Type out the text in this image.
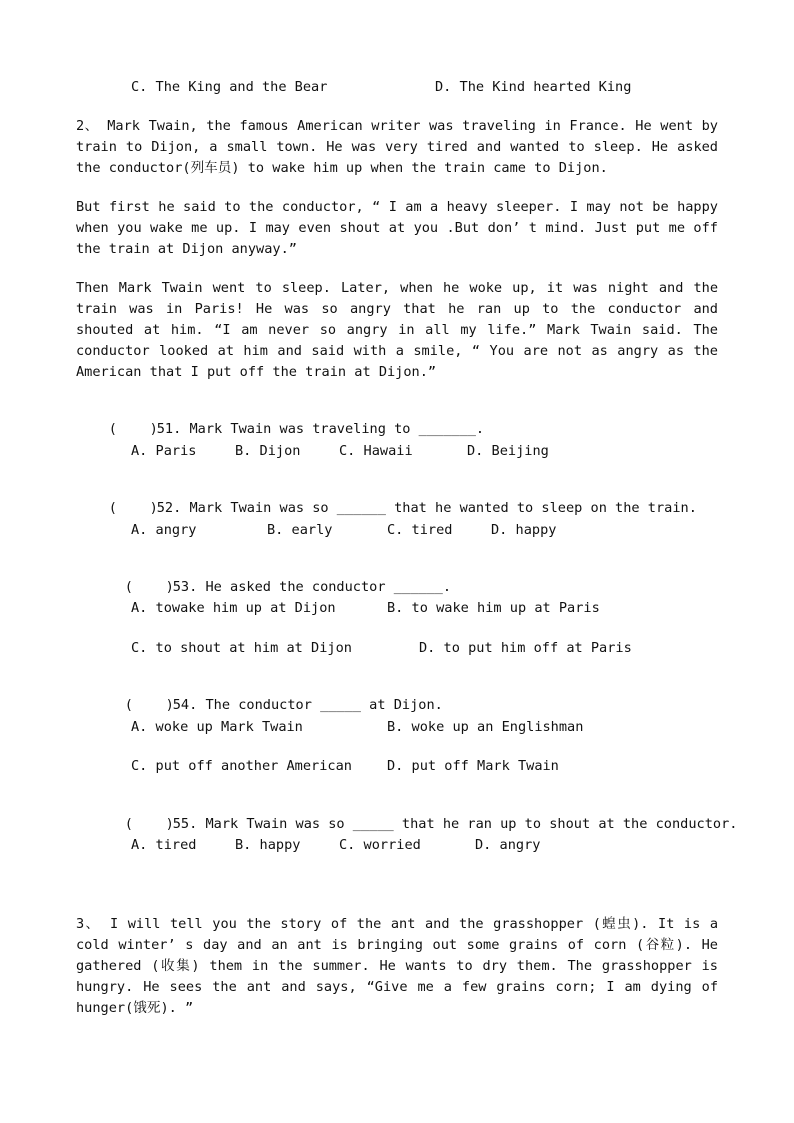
C. The King and the Bear	D. The Kind hearted King
2、 Mark Twain, the famous American writer was traveling in France. He went by train to Dijon, a small town. He was very tired and wanted to sleep. He asked the conductor(列车员) to wake him up when the train came to Dijon.
But first he said to the conductor, “ I am a heavy sleeper. I may not be happy when you wake me up. I may even shout at you .But don’ t mind. Just put me off the train at Dijon anyway.”
Then Mark Twain went to sleep. Later, when he woke up, it was night and the train was in Paris! He was so angry that he ran up to the conductor and shouted at him. “I am never so angry in all my life.” Mark Twain said. The conductor looked at him and said with a smile, “ You are not as angry as the American that I put off the train at Dijon.”

(    )51. Mark Twain was traveling to _______.

A. Paris	B. Dijon	C. Hawaii	D. Beijing

(    )52. Mark Twain was so ______ that he wanted to sleep on the train.

A. angry	B. early	C. tired	D. happy

(    )53. He asked the conductor ______.

A. towake him up at Dijon	B. to wake him up at Paris
C. to shout at him at Dijon	D. to put him off at Paris

(    )54. The conductor _____ at Dijon.

A. woke up Mark Twain	B. woke up an Englishman
C. put off another American	D. put off Mark Twain

(    )55. Mark Twain was so _____ that he ran up to shout at the conductor.

A. tired	B. happy	C. worried	D. angry
3、 I will tell you the story of the ant and the grasshopper (蝗虫). It is a cold winter’ s day and an ant is bringing out some grains of corn (谷粒). He gathered (收集) them in the summer. He wants to dry them. The grasshopper is hungry. He sees the ant and says, “Give me a few grains corn; I am dying of hunger(饿死). ”
